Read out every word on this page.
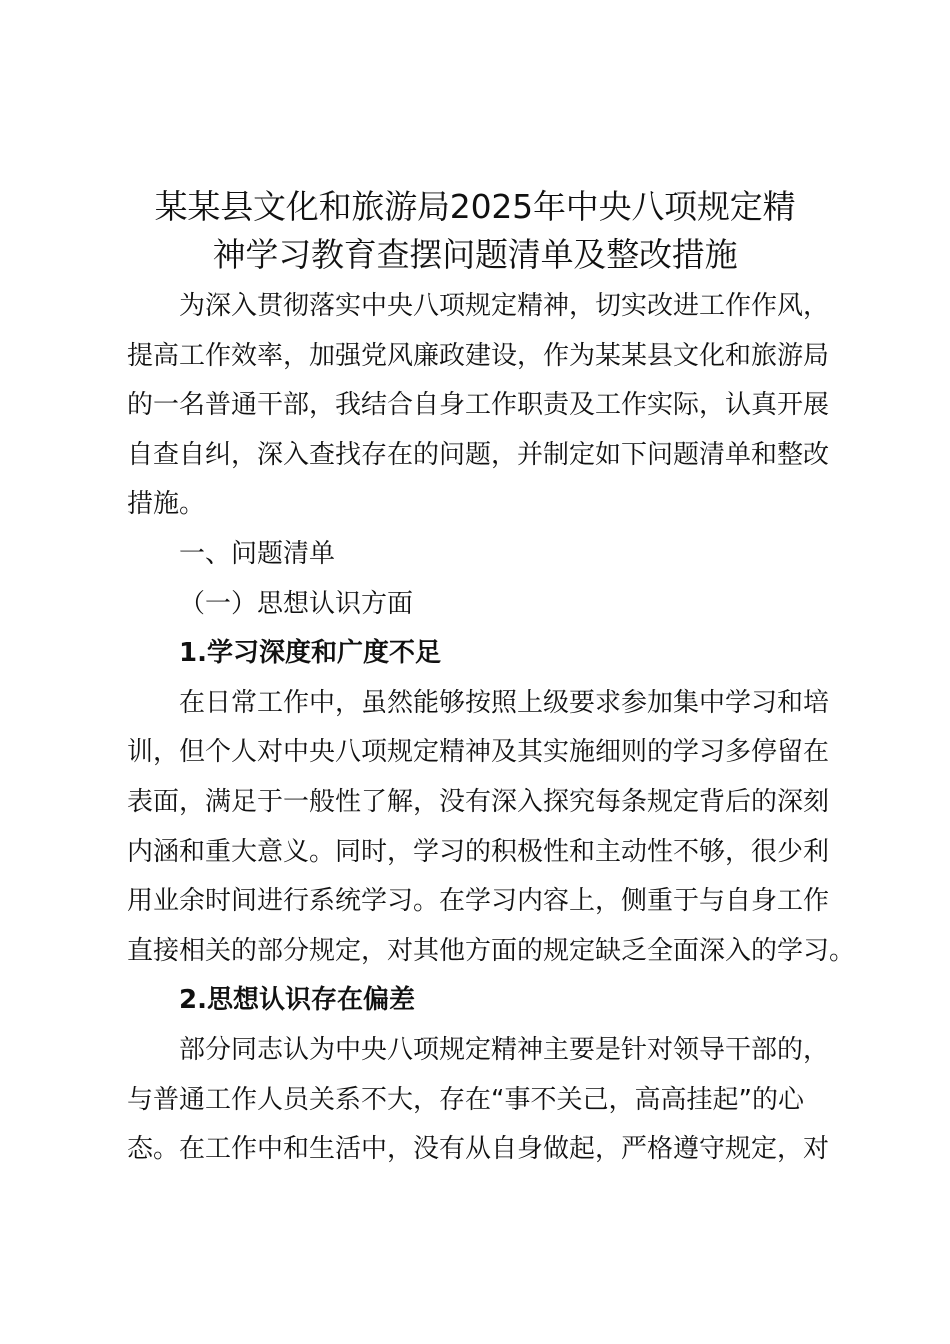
某某县文化和旅游局2025年中央八项规定精
神学习教育查摆问题清单及整改措施
为深入贯彻落实中央八项规定精神，切实改进工作作风，
提高工作效率，加强党风廉政建设，作为某某县文化和旅游局
的一名普通干部，我结合自身工作职责及工作实际，认真开展
自查自纠，深入查找存在的问题，并制定如下问题清单和整改
措施。
一、问题清单
（一）思想认识方面
1.学习深度和广度不足
在日常工作中，虽然能够按照上级要求参加集中学习和培
训，但个人对中央八项规定精神及其实施细则的学习多停留在
表面，满足于一般性了解，没有深入探究每条规定背后的深刻
内涵和重大意义。同时，学习的积极性和主动性不够，很少利
用业余时间进行系统学习。在学习内容上，侧重于与自身工作
直接相关的部分规定，对其他方面的规定缺乏全面深入的学习。
2.思想认识存在偏差
部分同志认为中央八项规定精神主要是针对领导干部的，
与普通工作人员关系不大，存在“事不关己，高高挂起”的心
态。在工作中和生活中，没有从自身做起，严格遵守规定，对
